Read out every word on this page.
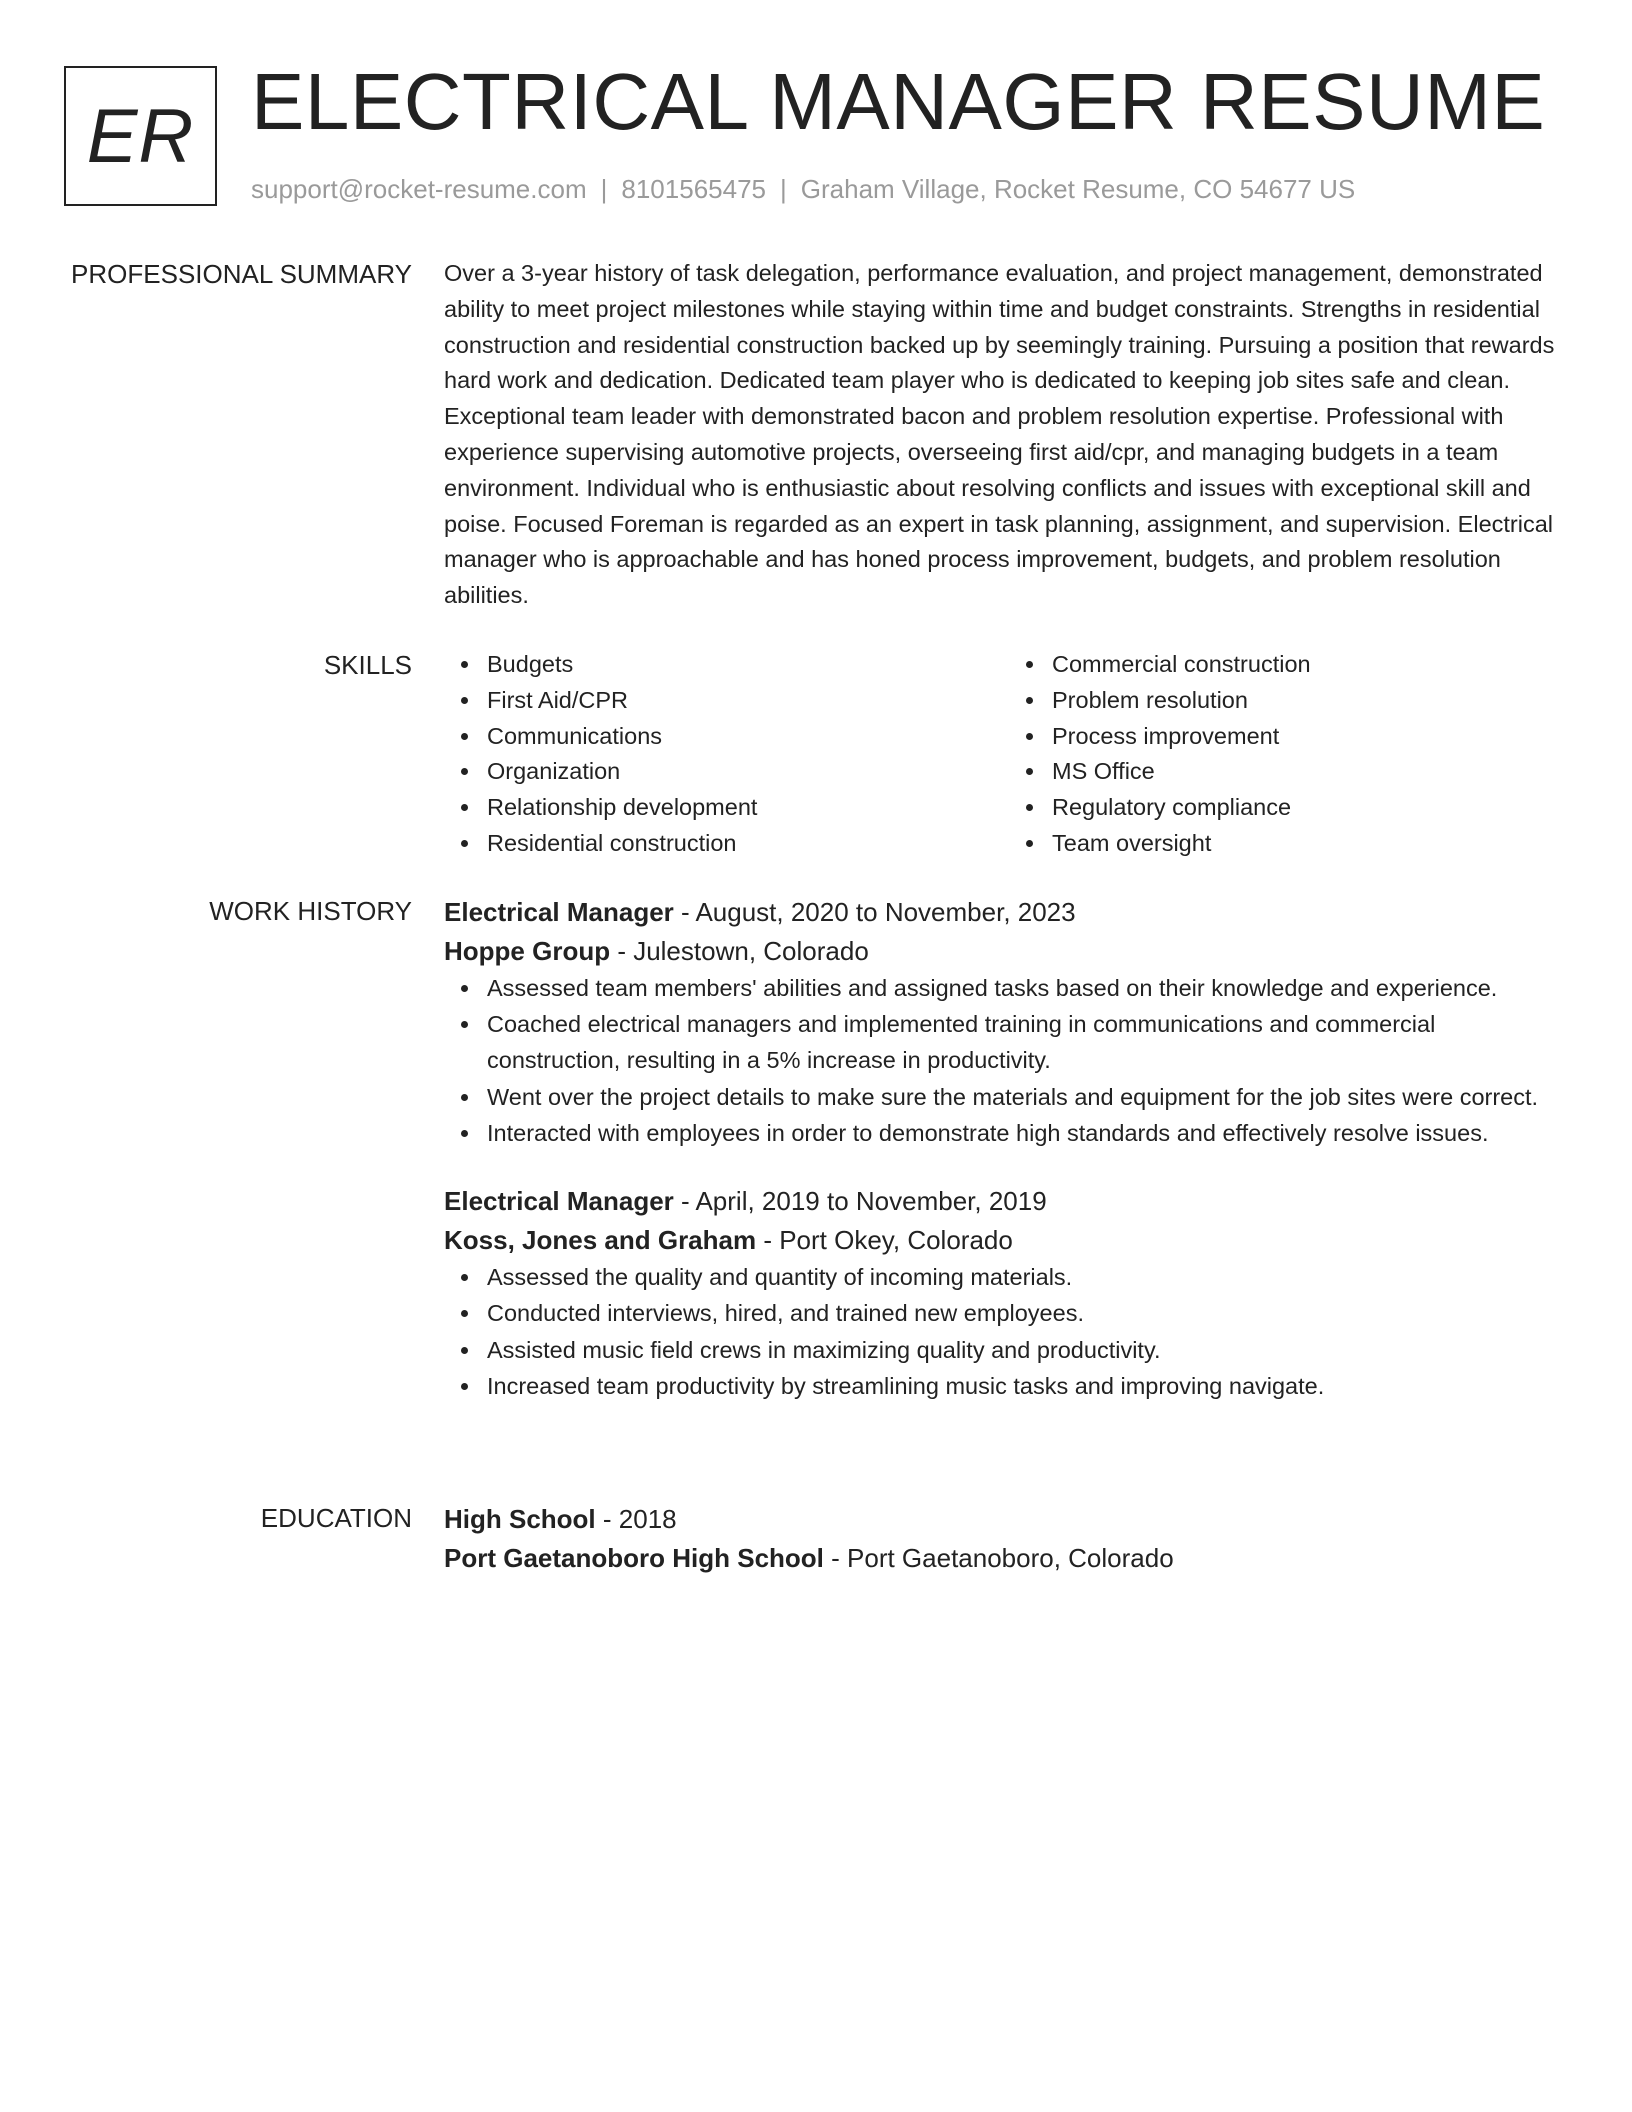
ER ELECTRICAL MANAGER RESUME
support@rocket-resume.com | 8101565475 | Graham Village, Rocket Resume, CO 54677 US
PROFESSIONAL SUMMARY Over a 3-year history of task delegation, performance evaluation, and project management, demonstrated ability to meet project milestones while staying within time and budget constraints. Strengths in residential construction and residential construction backed up by seemingly training. Pursuing a position that rewards hard work and dedication. Dedicated team player who is dedicated to keeping job sites safe and clean. Exceptional team leader with demonstrated bacon and problem resolution expertise. Professional with experience supervising automotive projects, overseeing first aid/cpr, and managing budgets in a team environment. Individual who is enthusiastic about resolving conflicts and issues with exceptional skill and poise. Focused Foreman is regarded as an expert in task planning, assignment, and supervision. Electrical manager who is approachable and has honed process improvement, budgets, and problem resolution abilities.

SKILLS	Budgets
First Aid/CPR
Communications
Organization
Relationship development
Residential construction
Commercial construction
Problem resolution
Process improvement
MS Office
Regulatory compliance
Team oversight
WORK HISTORY Electrical Manager - August, 2020 to November, 2023
Hoppe Group - Julestown, Colorado
Assessed team members' abilities and assigned tasks based on their knowledge and experience.
Coached electrical managers and implemented training in communications and commercial construction, resulting in a 5% increase in productivity.
Went over the project details to make sure the materials and equipment for the job sites were correct.
Interacted with employees in order to demonstrate high standards and effectively resolve issues.
Electrical Manager - April, 2019 to November, 2019
Koss, Jones and Graham - Port Okey, Colorado
Assessed the quality and quantity of incoming materials.
Conducted interviews, hired, and trained new employees.
Assisted music field crews in maximizing quality and productivity.
Increased team productivity by streamlining music tasks and improving navigate.
EDUCATION High School - 2018
Port Gaetanoboro High School - Port Gaetanoboro, Colorado
